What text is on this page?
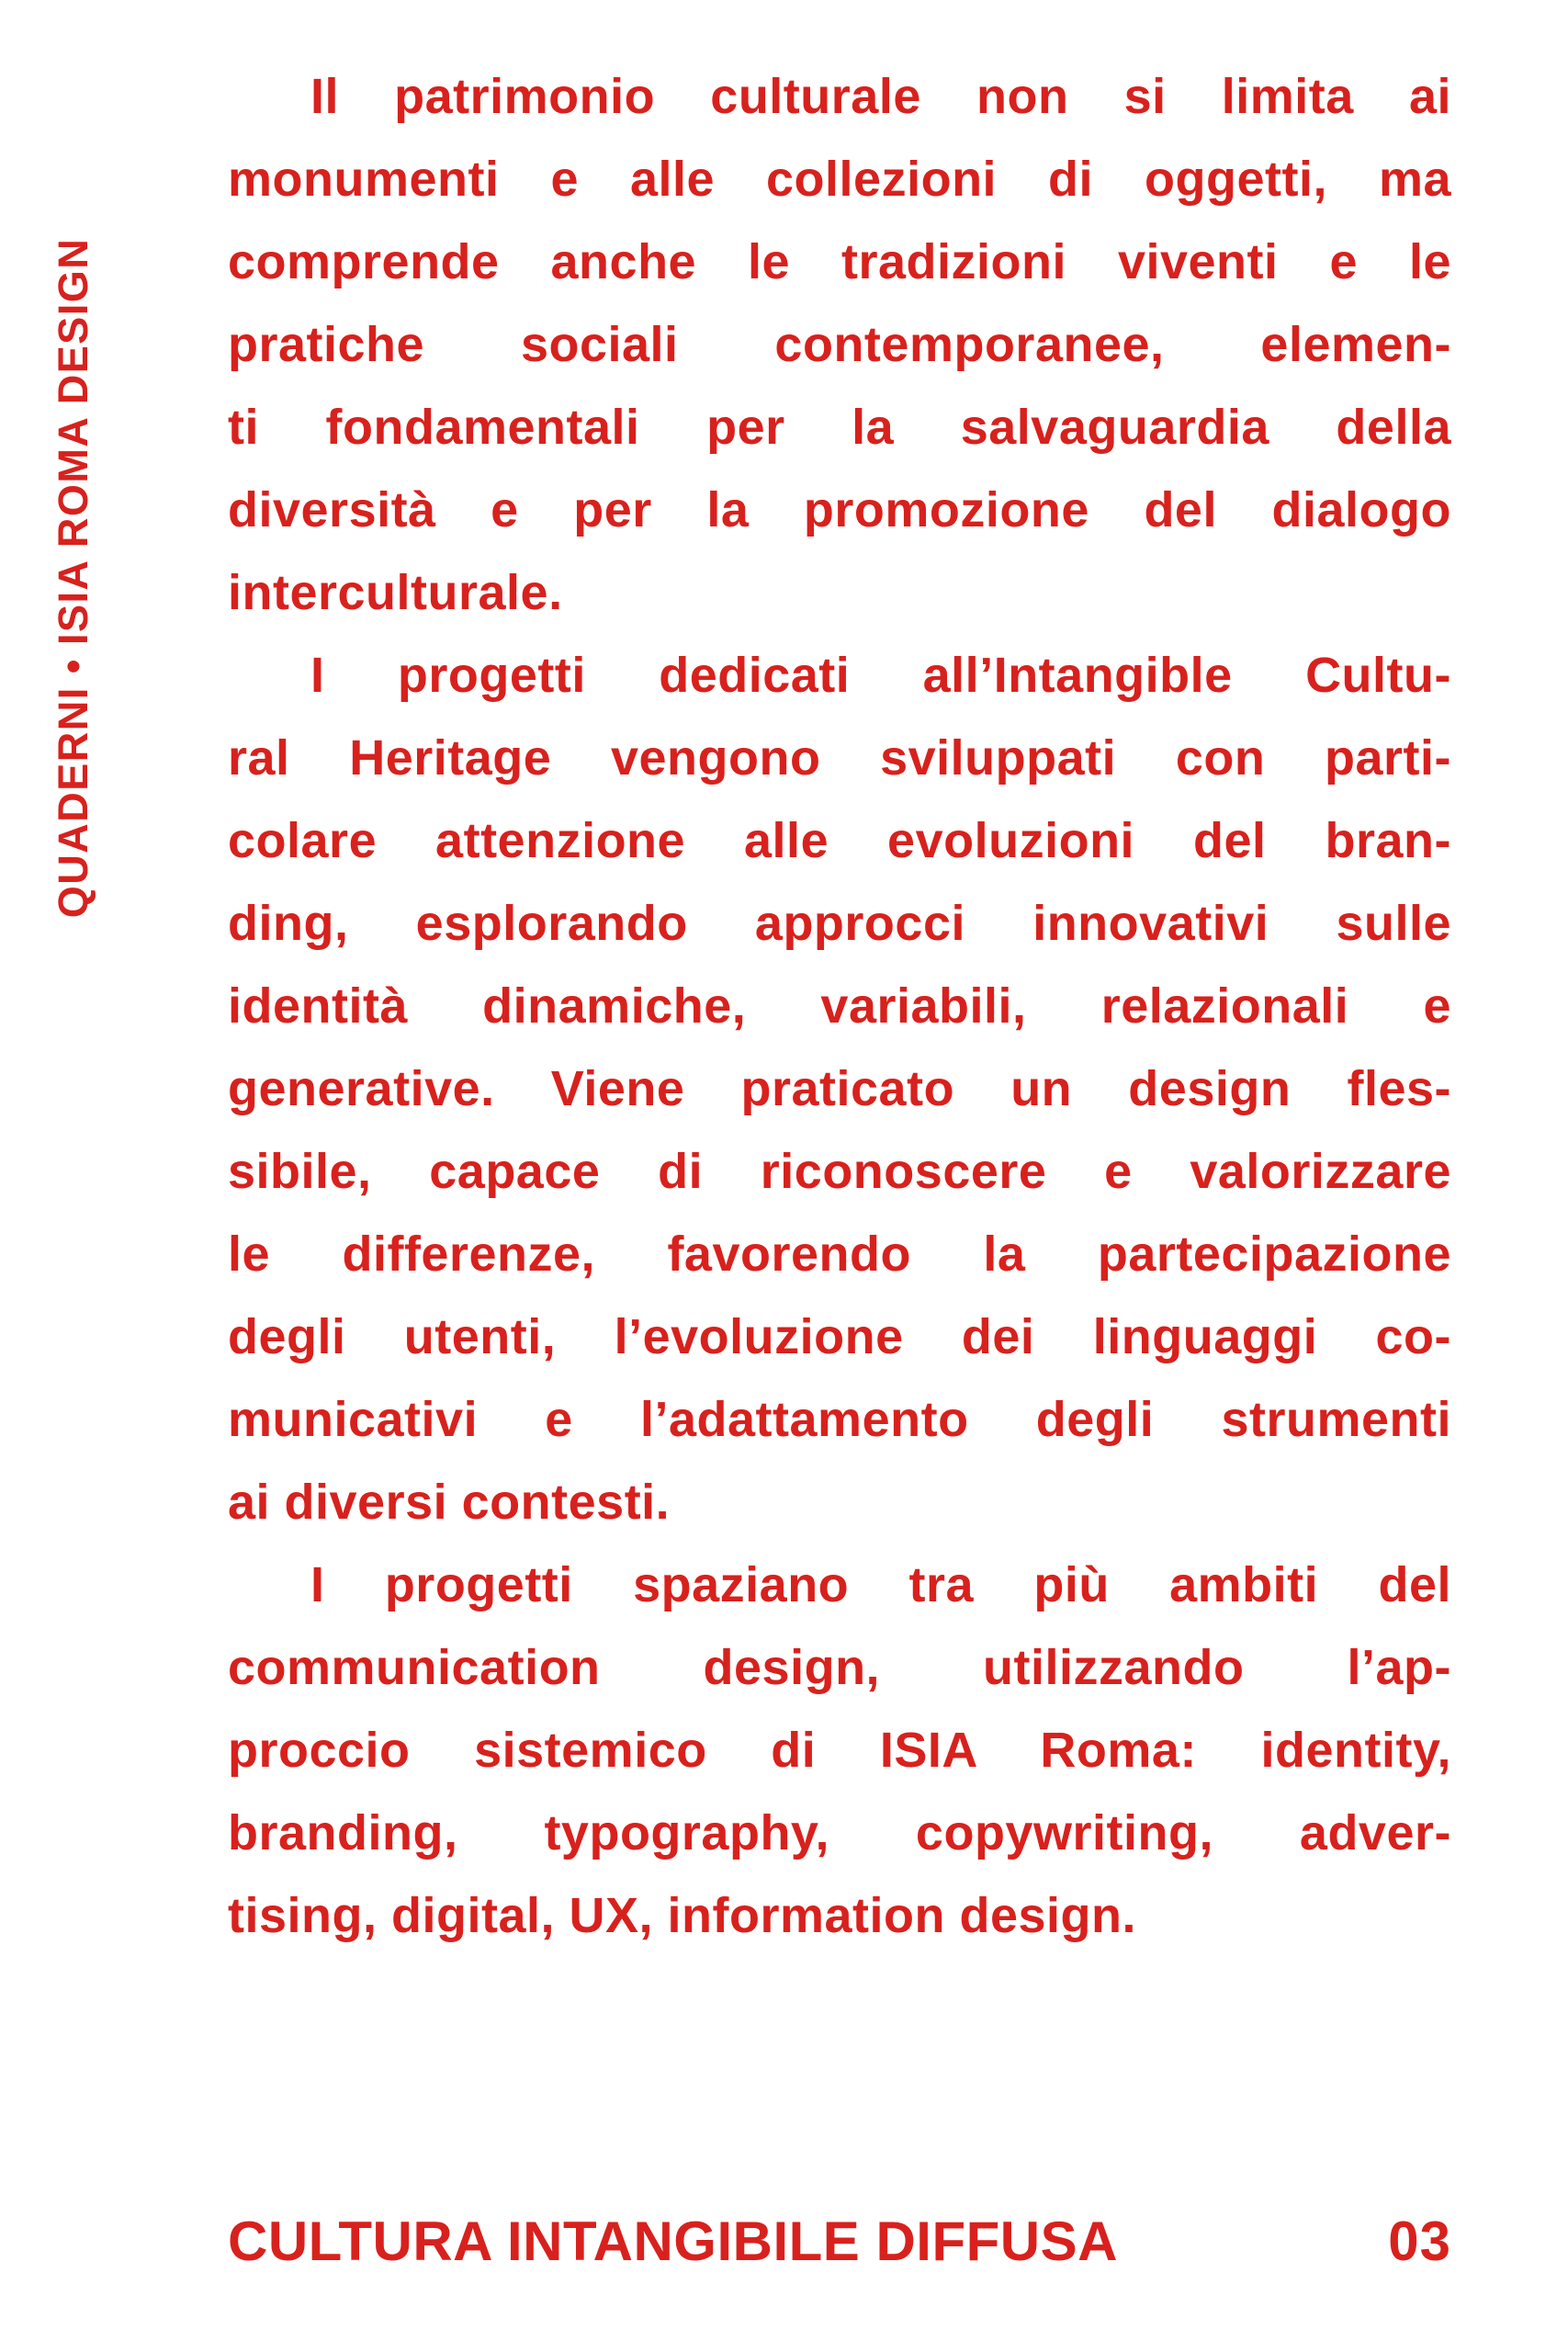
QUADERNI • ISIA ROMA DESIGN
Il patrimonio culturale non si limita ai
monumenti e alle collezioni di oggetti, ma
comprende anche le tradizioni viventi e le
pratiche sociali contemporanee, elemen-
ti fondamentali per la salvaguardia della
diversità e per la promozione del dialogo
interculturale.
I progetti dedicati all’Intangible Cultu-
ral Heritage vengono sviluppati con parti-
colare attenzione alle evoluzioni del bran-
ding, esplorando approcci innovativi sulle
identità dinamiche, variabili, relazionali e
generative. Viene praticato un design fles-
sibile, capace di riconoscere e valorizzare
le differenze, favorendo la partecipazione
degli utenti, l’evoluzione dei linguaggi co-
municativi e l’adattamento degli strumenti
ai diversi contesti.
I progetti spaziano tra più ambiti del
communication design, utilizzando l’ap-
proccio sistemico di ISIA Roma: identity,
branding, typography, copywriting, adver-
tising, digital, UX, information design.
CULTURA INTANGIBILE DIFFUSA	03
